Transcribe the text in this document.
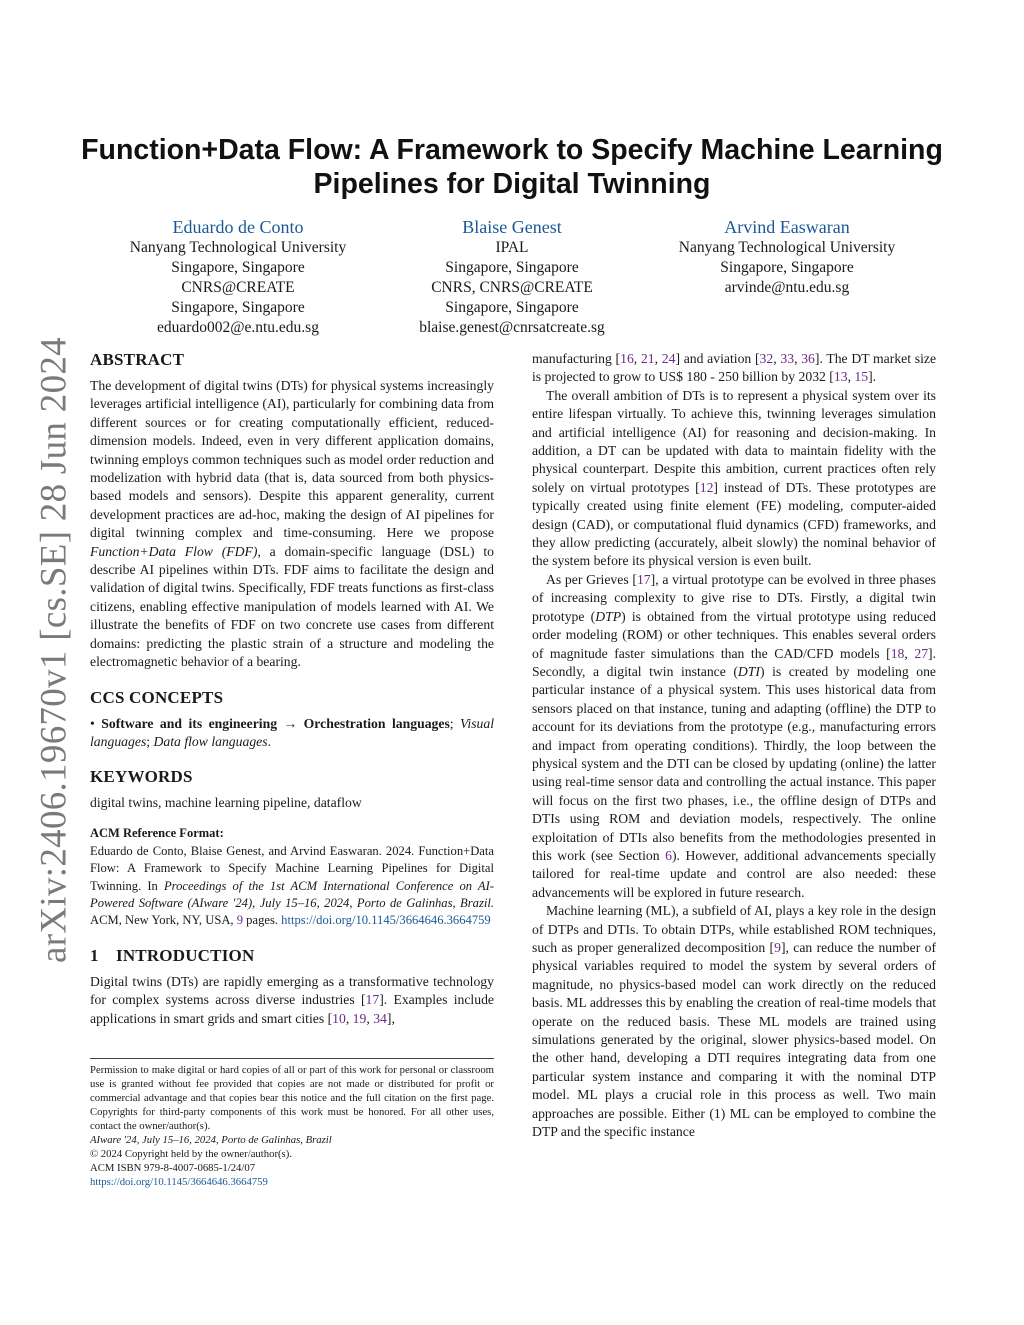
arXiv:2406.19670v1 [cs.SE] 28 Jun 2024
Function+Data Flow: A Framework to Specify Machine Learning
Pipelines for Digital Twinning
Eduardo de Conto
Nanyang Technological University
Singapore, Singapore
CNRS@CREATE
Singapore, Singapore
eduardo002@e.ntu.edu.sg
Blaise Genest
IPAL
Singapore, Singapore
CNRS, CNRS@CREATE
Singapore, Singapore
blaise.genest@cnrsatcreate.sg
Arvind Easwaran
Nanyang Technological University
Singapore, Singapore
arvinde@ntu.edu.sg
ABSTRACT

The development of digital twins (DTs) for physical systems increasingly leverages artificial intelligence (AI), particularly for combining data from different sources or for creating computationally efficient, reduced-dimension models. Indeed, even in very different application domains, twinning employs common techniques such as model order reduction and modelization with hybrid data (that is, data sourced from both physics-based models and sensors). Despite this apparent generality, current development practices are ad-hoc, making the design of AI pipelines for digital twinning complex and time-consuming. Here we propose Function+Data Flow (FDF), a domain-specific language (DSL) to describe AI pipelines within DTs. FDF aims to facilitate the design and validation of digital twins. Specifically, FDF treats functions as first-class citizens, enabling effective manipulation of models learned with AI. We illustrate the benefits of FDF on two concrete use cases from different domains: predicting the plastic strain of a structure and modeling the electromagnetic behavior of a bearing.

CCS CONCEPTS

• Software and its engineering → Orchestration languages; Visual languages; Data flow languages.

KEYWORDS

digital twins, machine learning pipeline, dataflow

ACM Reference Format:

Eduardo de Conto, Blaise Genest, and Arvind Easwaran. 2024. Function+Data Flow: A Framework to Specify Machine Learning Pipelines for Digital Twinning. In Proceedings of the 1st ACM International Conference on AI-Powered Software (AIware '24), July 15–16, 2024, Porto de Galinhas, Brazil. ACM, New York, NY, USA, 9 pages. https://doi.org/10.1145/3664646.3664759

1 INTRODUCTION

Digital twins (DTs) are rapidly emerging as a transformative technology for complex systems across diverse industries [17]. Examples include applications in smart grids and smart cities [10, 19, 34],

Permission to make digital or hard copies of all or part of this work for personal or classroom use is granted without fee provided that copies are not made or distributed for profit or commercial advantage and that copies bear this notice and the full citation on the first page. Copyrights for third-party components of this work must be honored. For all other uses, contact the owner/author(s).
AIware '24, July 15–16, 2024, Porto de Galinhas, Brazil
© 2024 Copyright held by the owner/author(s).
ACM ISBN 979-8-4007-0685-1/24/07
https://doi.org/10.1145/3664646.3664759

manufacturing [16, 21, 24] and aviation [32, 33, 36]. The DT market size is projected to grow to US$ 180 - 250 billion by 2032 [13, 15].

The overall ambition of DTs is to represent a physical system over its entire lifespan virtually. To achieve this, twinning leverages simulation and artificial intelligence (AI) for reasoning and decision-making. In addition, a DT can be updated with data to maintain fidelity with the physical counterpart. Despite this ambition, current practices often rely solely on virtual prototypes [12] instead of DTs. These prototypes are typically created using finite element (FE) modeling, computer-aided design (CAD), or computational fluid dynamics (CFD) frameworks, and they allow predicting (accurately, albeit slowly) the nominal behavior of the system before its physical version is even built.

As per Grieves [17], a virtual prototype can be evolved in three phases of increasing complexity to give rise to DTs. Firstly, a digital twin prototype (DTP) is obtained from the virtual prototype using reduced order modeling (ROM) or other techniques. This enables several orders of magnitude faster simulations than the CAD/CFD models [18, 27]. Secondly, a digital twin instance (DTI) is created by modeling one particular instance of a physical system. This uses historical data from sensors placed on that instance, tuning and adapting (offline) the DTP to account for its deviations from the prototype (e.g., manufacturing errors and impact from operating conditions). Thirdly, the loop between the physical system and the DTI can be closed by updating (online) the latter using real-time sensor data and controlling the actual instance. This paper will focus on the first two phases, i.e., the offline design of DTPs and DTIs using ROM and deviation models, respectively. The online exploitation of DTIs also benefits from the methodologies presented in this work (see Section 6). However, additional advancements specially tailored for real-time update and control are also needed: these advancements will be explored in future research.

Machine learning (ML), a subfield of AI, plays a key role in the design of DTPs and DTIs. To obtain DTPs, while established ROM techniques, such as proper generalized decomposition [9], can reduce the number of physical variables required to model the system by several orders of magnitude, no physics-based model can work directly on the reduced basis. ML addresses this by enabling the creation of real-time models that operate on the reduced basis. These ML models are trained using simulations generated by the original, slower physics-based model. On the other hand, developing a DTI requires integrating data from one particular system instance and comparing it with the nominal DTP model. ML plays a crucial role in this process as well. Two main approaches are possible. Either (1) ML can be employed to combine the DTP and the specific instance
